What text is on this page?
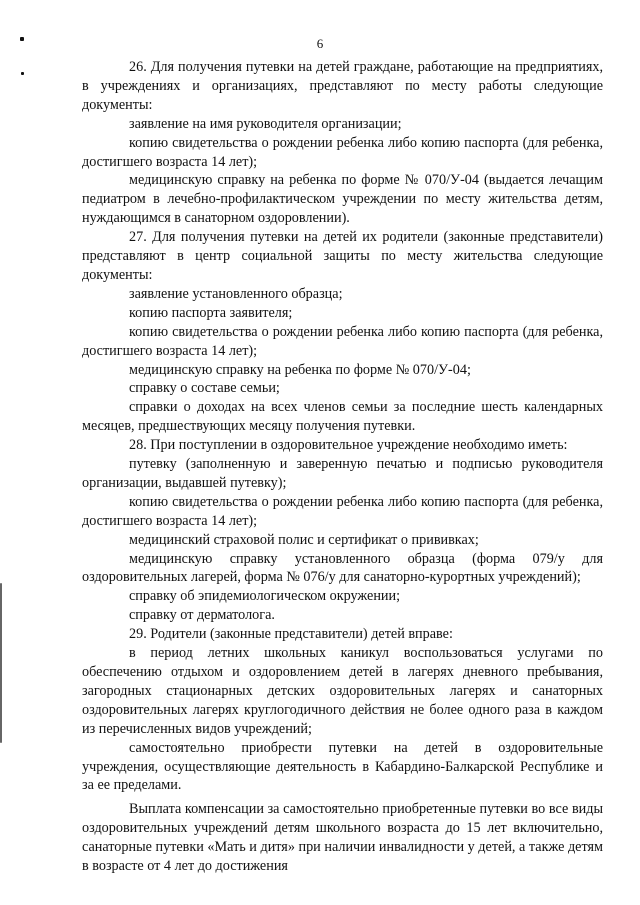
6

26. Для получения путевки на детей граждане, работающие на предприятиях, в учреждениях и организациях, представляют по месту работы следующие документы:

заявление на имя руководителя организации;

копию свидетельства о рождении ребенка либо копию паспорта (для ребенка, достигшего возраста 14 лет);

медицинскую справку на ребенка по форме № 070/У-04 (выдается лечащим педиатром в лечебно-профилактическом учреждении по месту жительства детям, нуждающимся в санаторном оздоровлении).

27. Для получения путевки на детей их родители (законные представители) представляют в центр социальной защиты по месту жительства следующие документы:

заявление установленного образца;

копию паспорта заявителя;

копию свидетельства о рождении ребенка либо копию паспорта (для ребенка, достигшего возраста 14 лет);

медицинскую справку на ребенка по форме № 070/У-04;

справку о составе семьи;

справки о доходах на всех членов семьи за последние шесть календарных месяцев, предшествующих месяцу получения путевки.

28. При поступлении в оздоровительное учреждение необходимо иметь:

путевку (заполненную и заверенную печатью и подписью руководителя организации, выдавшей путевку);

копию свидетельства о рождении ребенка либо копию паспорта (для ребенка, достигшего возраста 14 лет);

медицинский страховой полис и сертификат о прививках;

медицинскую справку установленного образца (форма 079/у для оздоровительных лагерей, форма № 076/у для санаторно-курортных учреждений);

справку об эпидемиологическом окружении;

справку от дерматолога.

29. Родители (законные представители) детей вправе:

в период летних школьных каникул воспользоваться услугами по обеспечению отдыхом и оздоровлением детей в лагерях дневного пребывания, загородных стационарных детских оздоровительных лагерях и санаторных оздоровительных лагерях круглогодичного действия не более одного раза в каждом из перечисленных видов учреждений;

самостоятельно приобрести путевки на детей в оздоровительные учреждения, осуществляющие деятельность в Кабардино-Балкарской Республике и за ее пределами.

Выплата компенсации за самостоятельно приобретенные путевки во все виды оздоровительных учреждений детям школьного возраста до 15 лет включительно, санаторные путевки «Мать и дитя» при наличии инвалидности у детей, а также детям в возрасте от 4 лет до достижения
